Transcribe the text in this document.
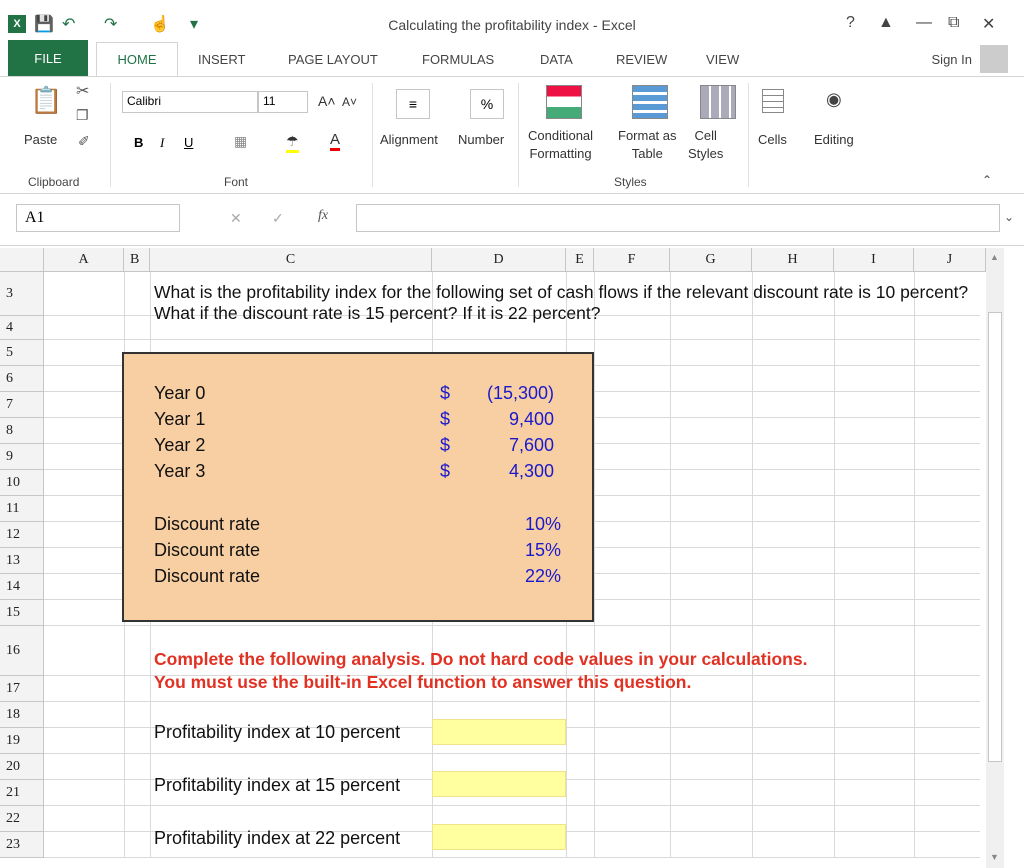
X 💾 ↶ ↷ ☝ ▾	Calculating the profitability index - Excel	? ▲ — ⧉ ✕
FILE	HOME	INSERT	PAGE LAYOUT	FORMULAS	DATA	REVIEW	VIEW	Sign In
📋 ✂
❐
✐
Paste
Calibri	11	A˄ A˅
B I U	▦	☂ A
Font
Clipboard
≡
Alignment
%
Number Conditional
Formatting
Format as
Table
Cell
Styles
Styles
Cells
◉
Editing
⌃
A1	✕ ✓ fx	⌄
A	B	C	D	E	F	G	H	I	J
3
4
5
6
7
8
9
10
11
12
13
14
15
16
17
18
19
20
21
22
23
What is the profitability index for the following set of cash flows if the relevant discount rate is 10 percent? What if the discount rate is 15 percent? If it is 22 percent?
Year 0	$ (15,300)
Year 1	$	9,400
Year 2	$	7,600
Year 3	$	4,300
Discount rate	10%
Discount rate	15%
Discount rate	22%
Complete the following analysis. Do not hard code values in your calculations.
You must use the built-in Excel function to answer this question.
Profitability index at 10 percent
Profitability index at 15 percent
Profitability index at 22 percent
▲
▼
